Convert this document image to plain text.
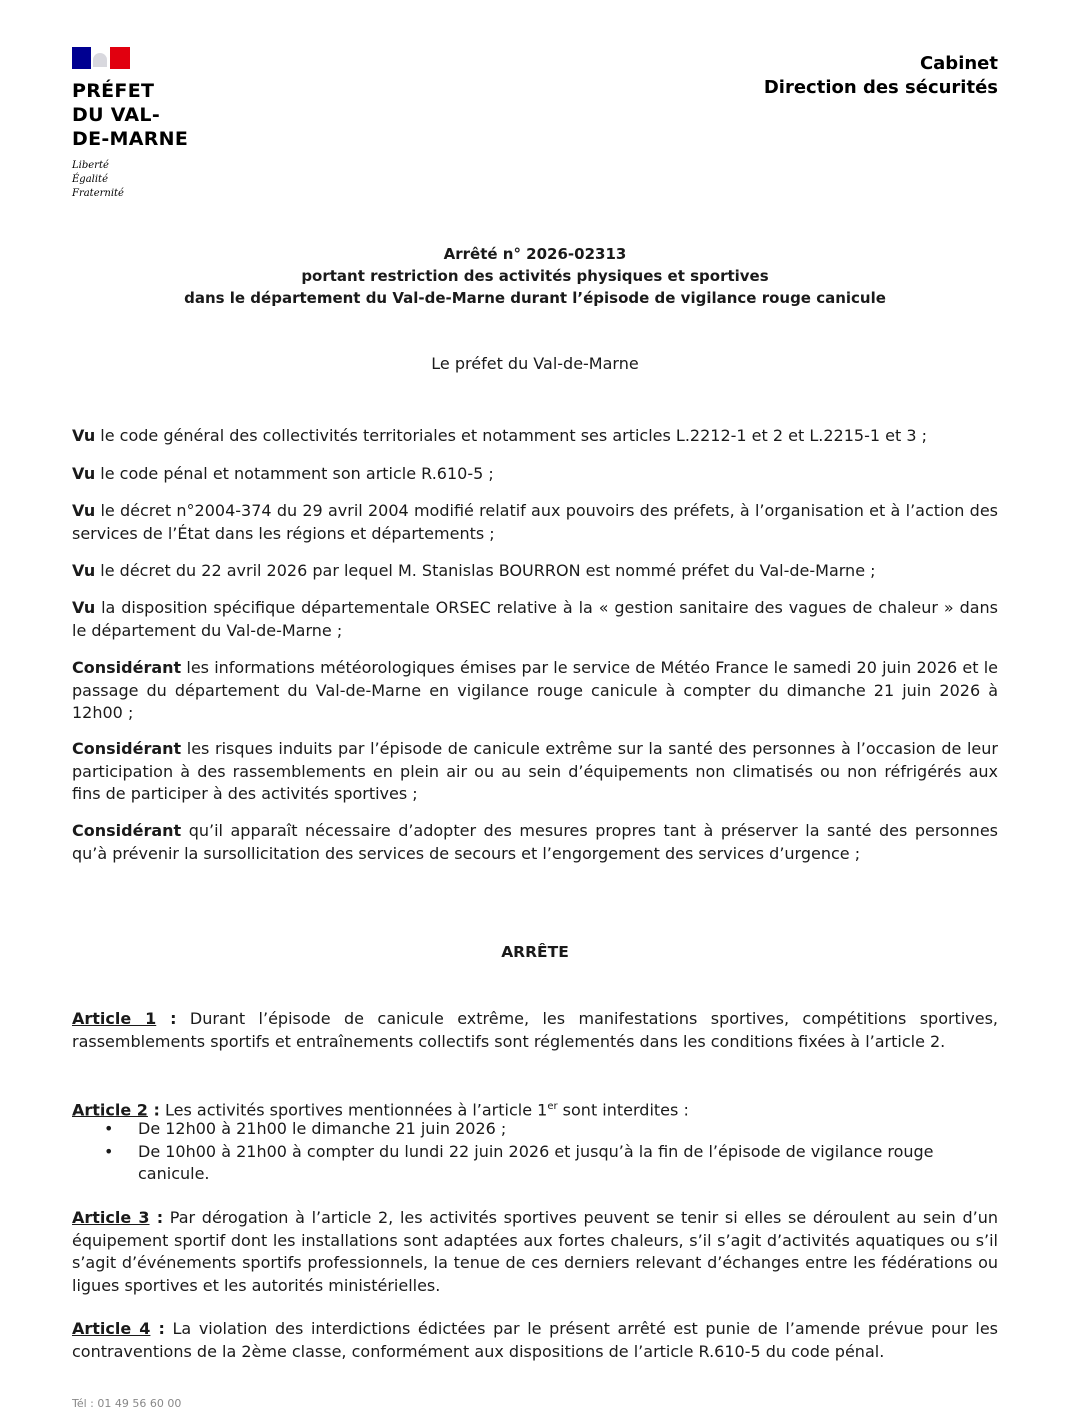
PRÉFET
DU VAL-
DE-MARNE
Liberté
Égalité
Fraternité
Cabinet
Direction des sécurités
Arrêté n° 2026-02313
portant restriction des activités physiques et sportives
dans le département du Val-de-Marne durant l’épisode de vigilance rouge canicule
Le préfet du Val-de-Marne

Vu le code général des collectivités territoriales et notamment ses articles L.2212-1 et 2 et L.2215-1 et 3 ;

Vu le code pénal et notamment son article R.610-5 ;

Vu le décret n°2004-374 du 29 avril 2004 modifié relatif aux pouvoirs des préfets, à l’organisation et à l’action des services de l’État dans les régions et départements ;

Vu le décret du 22 avril 2026 par lequel M. Stanislas BOURRON est nommé préfet du Val-de-Marne ;

Vu la disposition spécifique départementale ORSEC relative à la « gestion sanitaire des vagues de chaleur » dans le département du Val-de-Marne ;

Considérant les informations météorologiques émises par le service de Météo France le samedi 20 juin 2026 et le passage du département du Val-de-Marne en vigilance rouge canicule à compter du dimanche 21 juin 2026 à 12h00 ;

Considérant les risques induits par l’épisode de canicule extrême sur la santé des personnes à l’occasion de leur participation à des rassemblements en plein air ou au sein d’équipements non climatisés ou non réfrigérés aux fins de participer à des activités sportives ;

Considérant qu’il apparaît nécessaire d’adopter des mesures propres tant à préserver la santé des personnes qu’à prévenir la sursollicitation des services de secours et l’engorgement des services d’urgence ;

ARRÊTE

Article 1 : Durant l’épisode de canicule extrême, les manifestations sportives, compétitions sportives, rassemblements sportifs et entraînements collectifs sont réglementés dans les conditions fixées à l’article 2.

Article 2 : Les activités sportives mentionnées à l’article 1er sont interdites :

• De 12h00 à 21h00 le dimanche 21 juin 2026 ;
• De 10h00 à 21h00 à compter du lundi 22 juin 2026 et jusqu’à la fin de l’épisode de vigilance rouge canicule.

Article 3 : Par dérogation à l’article 2, les activités sportives peuvent se tenir si elles se déroulent au sein d’un équipement sportif dont les installations sont adaptées aux fortes chaleurs, s’il s’agit d’activités aquatiques ou s’il s’agit d’événements sportifs professionnels, la tenue de ces derniers relevant d’échanges entre les fédérations ou ligues sportives et les autorités ministérielles.

Article 4 : La violation des interdictions édictées par le présent arrêté est punie de l’amende prévue pour les contraventions de la 2ème classe, conformément aux dispositions de l’article R.610-5 du code pénal.

Tél : 01 49 56 60 00
